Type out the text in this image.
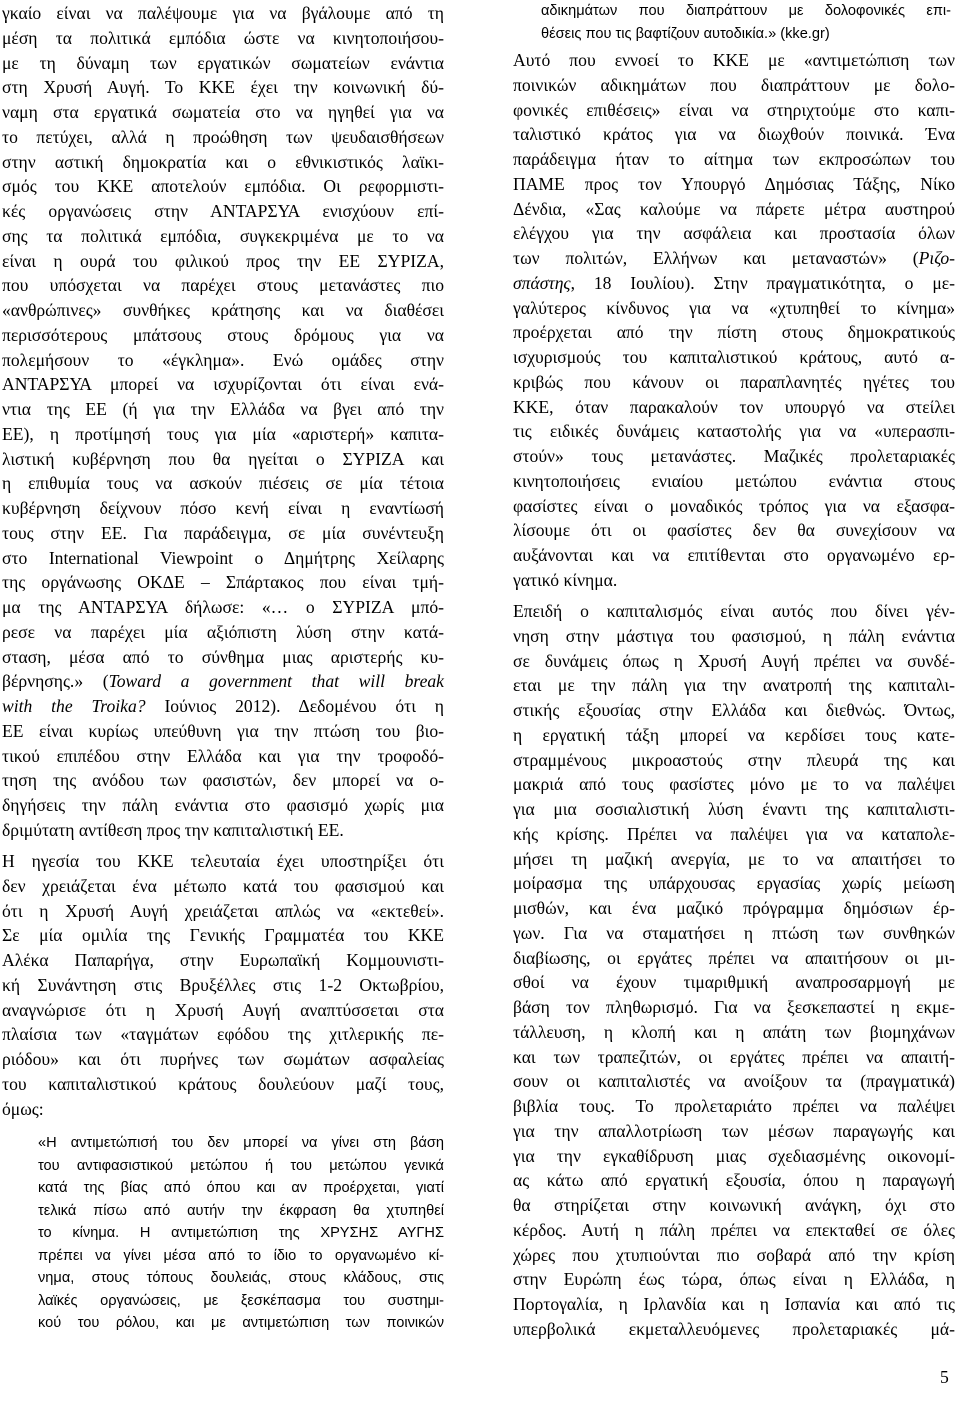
γκαίο είναι να παλέψουμε για να βγάλουμε από τη
μέση τα πολιτικά εμπόδια ώστε να κινητοποιήσου-
με τη δύναμη των εργατικών σωματείων ενάντια
στη Χρυσή Αυγή. Το ΚΚΕ έχει την κοινωνική δύ-
ναμη στα εργατικά σωματεία στο να ηγηθεί για να
το πετύχει, αλλά η προώθηση των ψευδαισθήσεων
στην αστική δημοκρατία και ο εθνικιστικός λαϊκι-
σμός του ΚΚΕ αποτελούν εμπόδια. Οι ρεφορμιστι-
κές οργανώσεις στην ΑΝΤΑΡΣΥΑ ενισχύουν επί-
σης τα πολιτικά εμπόδια, συγκεκριμένα με το να
είναι η ουρά του φιλικού προς την ΕΕ ΣΥΡΙΖΑ,
που υπόσχεται να παρέχει στους μετανάστες πιο
«ανθρώπινες» συνθήκες κράτησης και να διαθέσει
περισσότερους μπάτσους στους δρόμους για να
πολεμήσουν το «έγκλημα». Ενώ ομάδες στην
ΑΝΤΑΡΣΥΑ μπορεί να ισχυρίζονται ότι είναι ενά-
ντια της ΕΕ (ή για την Ελλάδα να βγει από την
ΕΕ), η προτίμησή τους για μία «αριστερή» καπιτα-
λιστική κυβέρνηση που θα ηγείται ο ΣΥΡΙΖΑ και
η επιθυμία τους να ασκούν πιέσεις σε μία τέτοια
κυβέρνηση δείχνουν πόσο κενή είναι η εναντίωσή
τους στην ΕΕ. Για παράδειγμα, σε μία συνέντευξη
στο International Viewpoint ο Δημήτρης Χείλαρης
της οργάνωσης ΟΚΔΕ – Σπάρτακος που είναι τμή-
μα της ΑΝΤΑΡΣΥΑ δήλωσε: «… ο ΣΥΡΙΖΑ μπό-
ρεσε να παρέχει μία αξιόπιστη λύση στην κατά-
σταση, μέσα από το σύνθημα μιας αριστερής κυ-
βέρνησης.» (Toward a government that will break
with the Troika? Ιούνιος 2012). Δεδομένου ότι η
ΕΕ είναι κυρίως υπεύθυνη για την πτώση του βιο-
τικού επιπέδου στην Ελλάδα και για την τροφοδό-
τηση της ανόδου των φασιστών, δεν μπορεί να ο-
δηγήσεις την πάλη ενάντια στο φασισμό χωρίς μια
δριμύτατη αντίθεση προς την καπιταλιστική ΕΕ.
Η ηγεσία του ΚΚΕ τελευταία έχει υποστηρίξει ότι
δεν χρειάζεται ένα μέτωπο κατά του φασισμού και
ότι η Χρυσή Αυγή χρειάζεται απλώς να «εκτεθεί».
Σε μία ομιλία της Γενικής Γραμματέα του ΚΚΕ
Αλέκα Παπαρήγα, στην Ευρωπαϊκή Κομμουνιστι-
κή Συνάντηση στις Βρυξέλλες στις 1-2 Οκτωβρίου,
αναγνώρισε ότι η Χρυσή Αυγή αναπτύσσεται στα
πλαίσια των «ταγμάτων εφόδου της χιτλερικής πε-
ριόδου» και ότι πυρήνες των σωμάτων ασφαλείας
του καπιταλιστικού κράτους δουλεύουν μαζί τους,
όμως:
«Η αντιμετώπισή του δεν μπορεί να γίνει στη βάση
του αντιφασιστικού μετώπου ή του μετώπου γενικά
κατά της βίας από όπου και αν προέρχεται, γιατί
τελικά πίσω από αυτήν την έκφραση θα χτυπηθεί
το κίνημα. Η αντιμετώπιση της ΧΡΥΣΗΣ ΑΥΓΗΣ
πρέπει να γίνει μέσα από το ίδιο το οργανωμένο κί-
νημα, στους τόπους δουλειάς, στους κλάδους, στις
λαϊκές οργανώσεις, με ξεσκέπασμα του συστημι-
κού του ρόλου, και με αντιμετώπιση των ποινικών
αδικημάτων που διαπράττουν με δολοφονικές επι-
θέσεις που τις βαφτίζουν αυτοδικία.» (kke.gr)
Αυτό που εννοεί το ΚΚΕ με «αντιμετώπιση των
ποινικών αδικημάτων που διαπράττουν με δολο-
φονικές επιθέσεις» είναι να στηριχτούμε στο καπι-
ταλιστικό κράτος για να διωχθούν ποινικά. Ένα
παράδειγμα ήταν το αίτημα των εκπροσώπων του
ΠΑΜΕ προς τον Υπουργό Δημόσιας Τάξης, Νίκο
Δένδια, «Σας καλούμε να πάρετε μέτρα αυστηρού
ελέγχου για την ασφάλεια και προστασία όλων
των πολιτών, Ελλήνων και μεταναστών» (Ριζο-
σπάστης, 18 Ιουλίου). Στην πραγματικότητα, ο με-
γαλύτερος κίνδυνος για να «χτυπηθεί το κίνημα»
προέρχεται από την πίστη στους δημοκρατικούς
ισχυρισμούς του καπιταλιστικού κράτους, αυτό α-
κριβώς που κάνουν οι παραπλανητές ηγέτες του
ΚΚΕ, όταν παρακαλούν τον υπουργό να στείλει
τις ειδικές δυνάμεις καταστολής για να «υπερασπι-
στούν» τους μετανάστες. Μαζικές προλεταριακές
κινητοποιήσεις ενιαίου μετώπου ενάντια στους
φασίστες είναι ο μοναδικός τρόπος για να εξασφα-
λίσουμε ότι οι φασίστες δεν θα συνεχίσουν να
αυξάνονται και να επιτίθενται στο οργανωμένο ερ-
γατικό κίνημα.
Επειδή ο καπιταλισμός είναι αυτός που δίνει γέν-
νηση στην μάστιγα του φασισμού, η πάλη ενάντια
σε δυνάμεις όπως η Χρυσή Αυγή πρέπει να συνδέ-
εται με την πάλη για την ανατροπή της καπιταλι-
στικής εξουσίας στην Ελλάδα και διεθνώς. Όντως,
η εργατική τάξη μπορεί να κερδίσει τους κατε-
στραμμένους μικροαστούς στην πλευρά της και
μακριά από τους φασίστες μόνο με το να παλέψει
για μια σοσιαλιστική λύση έναντι της καπιταλιστι-
κής κρίσης. Πρέπει να παλέψει για να καταπολε-
μήσει τη μαζική ανεργία, με το να απαιτήσει το
μοίρασμα της υπάρχουσας εργασίας χωρίς μείωση
μισθών, και ένα μαζικό πρόγραμμα δημόσιων έρ-
γων. Για να σταματήσει η πτώση των συνθηκών
διαβίωσης, οι εργάτες πρέπει να απαιτήσουν οι μι-
σθοί να έχουν τιμαριθμική αναπροσαρμογή με
βάση τον πληθωρισμό. Για να ξεσκεπαστεί η εκμε-
τάλλευση, η κλοπή και η απάτη των βιομηχάνων
και των τραπεζιτών, οι εργάτες πρέπει να απαιτή-
σουν οι καπιταλιστές να ανοίξουν τα (πραγματικά)
βιβλία τους. Το προλεταριάτο πρέπει να παλέψει
για την απαλλοτρίωση των μέσων παραγωγής και
για την εγκαθίδρυση μιας σχεδιασμένης οικονομί-
ας κάτω από εργατική εξουσία, όπου η παραγωγή
θα στηρίζεται στην κοινωνική ανάγκη, όχι στο
κέρδος. Αυτή η πάλη πρέπει να επεκταθεί σε όλες
χώρες που χτυπιούνται πιο σοβαρά από την κρίση
στην Ευρώπη έως τώρα, όπως είναι η Ελλάδα, η
Πορτογαλία, η Ιρλανδία και η Ισπανία και από τις
υπερβολικά εκμεταλλευόμενες προλεταριακές μά-
5
